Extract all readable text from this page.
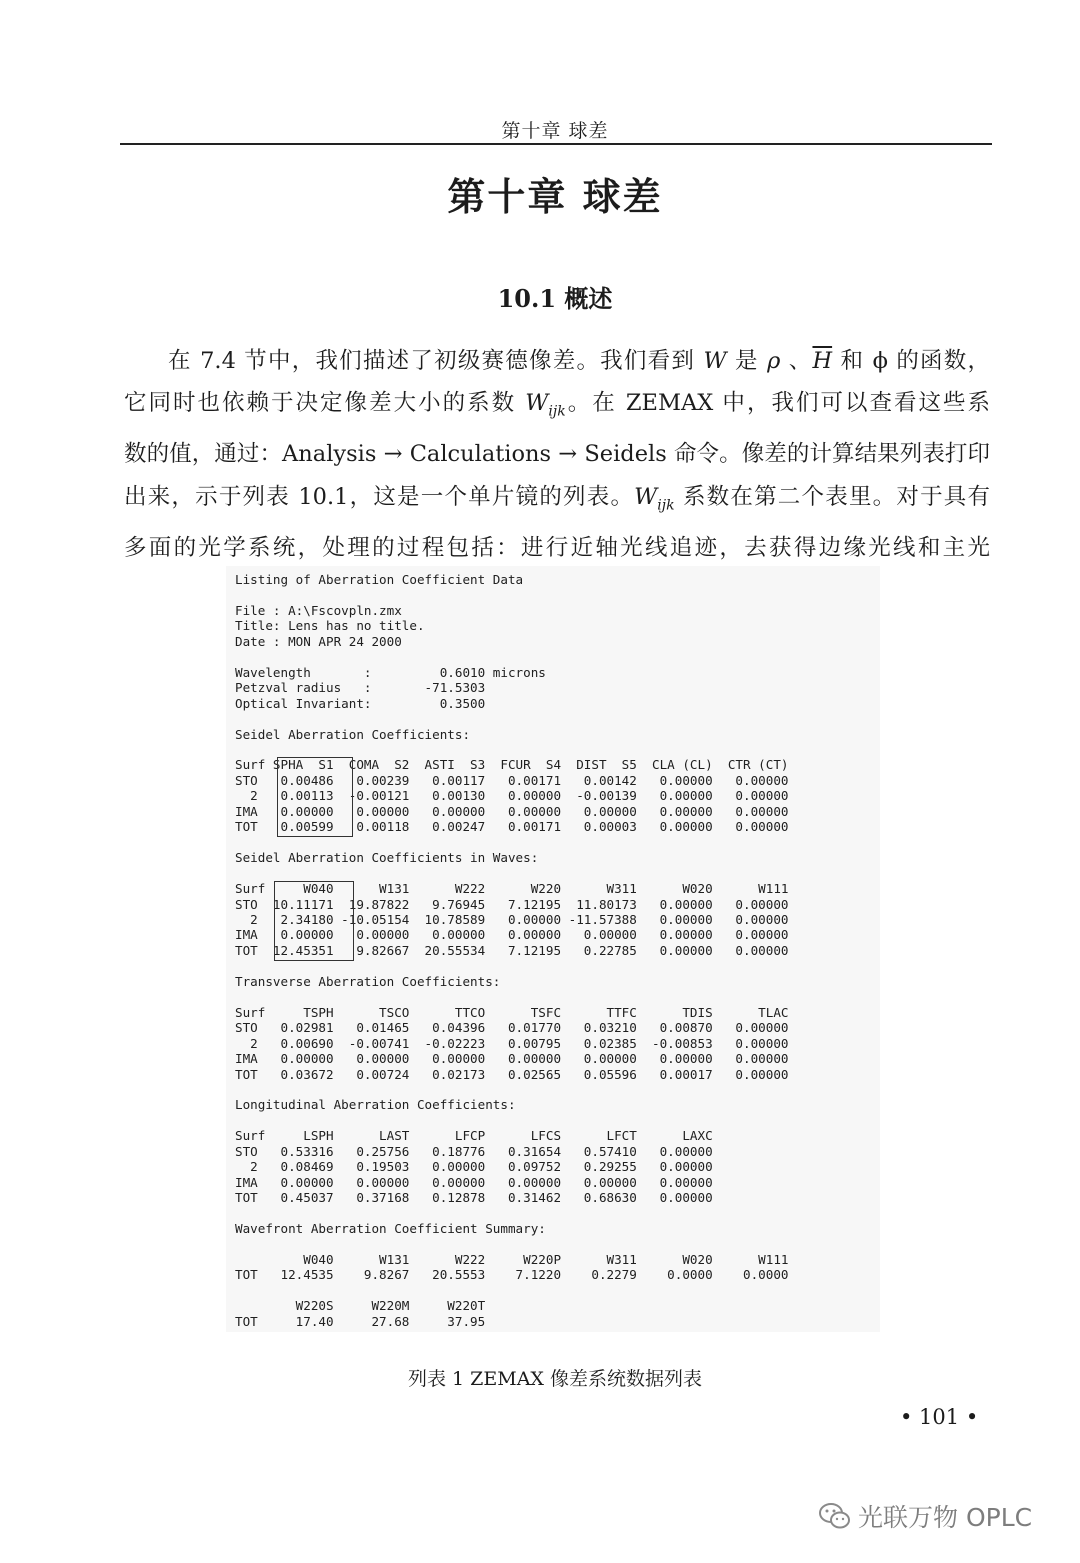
第十章 球差
第十章 球差
10.1 概述

在 7.4 节中，我们描述了初级赛德像差。我们看到 W 是 ρ 、$\overline{H}$ 和 ϕ 的函数，
它同时也依赖于决定像差大小的系数 $W_{ijk}$。在 ZEMAX 中，我们可以查看这些系
数的值，通过：Analysis → Calculations → Seidels 命令。像差的计算结果列表打印
出来，示于列表 10.1，这是一个单片镜的列表。$W_{ijk}$ 系数在第二个表里。对于具有
多面的光学系统，处理的过程包括：进行近轴光线追迹，去获得边缘光线和主光

Listing of Aberration Coefficient Data

File : A:\Fscovpln.zmx
Title: Lens has no title.
Date : MON APR 24 2000

Wavelength       :         0.6010 microns
Petzval radius   :       -71.5303
Optical Invariant:         0.3500

Seidel Aberration Coefficients:

Surf SPHA  S1  COMA  S2  ASTI  S3  FCUR  S4  DIST  S5  CLA (CL)  CTR (CT)
STO   0.00486   0.00239   0.00117   0.00171   0.00142   0.00000   0.00000
2   0.00113  -0.00121   0.00130   0.00000  -0.00139   0.00000   0.00000
IMA   0.00000   0.00000   0.00000   0.00000   0.00000   0.00000   0.00000
TOT   0.00599   0.00118   0.00247   0.00171   0.00003   0.00000   0.00000

Seidel Aberration Coefficients in Waves:

Surf     W040      W131      W222      W220      W311      W020      W111
STO  10.11171  19.87822   9.76945   7.12195  11.80173   0.00000   0.00000
2   2.34180 -10.05154  10.78589   0.00000 -11.57388   0.00000   0.00000
IMA   0.00000   0.00000   0.00000   0.00000   0.00000   0.00000   0.00000
TOT  12.45351   9.82667  20.55534   7.12195   0.22785   0.00000   0.00000

Transverse Aberration Coefficients:

Surf     TSPH      TSCO      TTCO      TSFC      TTFC      TDIS      TLAC
STO   0.02981   0.01465   0.04396   0.01770   0.03210   0.00870   0.00000
2   0.00690  -0.00741  -0.02223   0.00795   0.02385  -0.00853   0.00000
IMA   0.00000   0.00000   0.00000   0.00000   0.00000   0.00000   0.00000
TOT   0.03672   0.00724   0.02173   0.02565   0.05596   0.00017   0.00000

Longitudinal Aberration Coefficients:

Surf     LSPH      LAST      LFCP      LFCS      LFCT      LAXC
STO   0.53316   0.25756   0.18776   0.31654   0.57410   0.00000
2   0.08469   0.19503   0.00000   0.09752   0.29255   0.00000
IMA   0.00000   0.00000   0.00000   0.00000   0.00000   0.00000
TOT   0.45037   0.37168   0.12878   0.31462   0.68630   0.00000

Wavefront Aberration Coefficient Summary:

W040      W131      W222     W220P      W311      W020      W111
TOT   12.4535    9.8267   20.5553    7.1220    0.2279    0.0000    0.0000

W220S     W220M     W220T
TOT     17.40     27.68     37.95
列表 1 ZEMAX 像差系统数据列表
• 101 •
光联万物 OPLC
